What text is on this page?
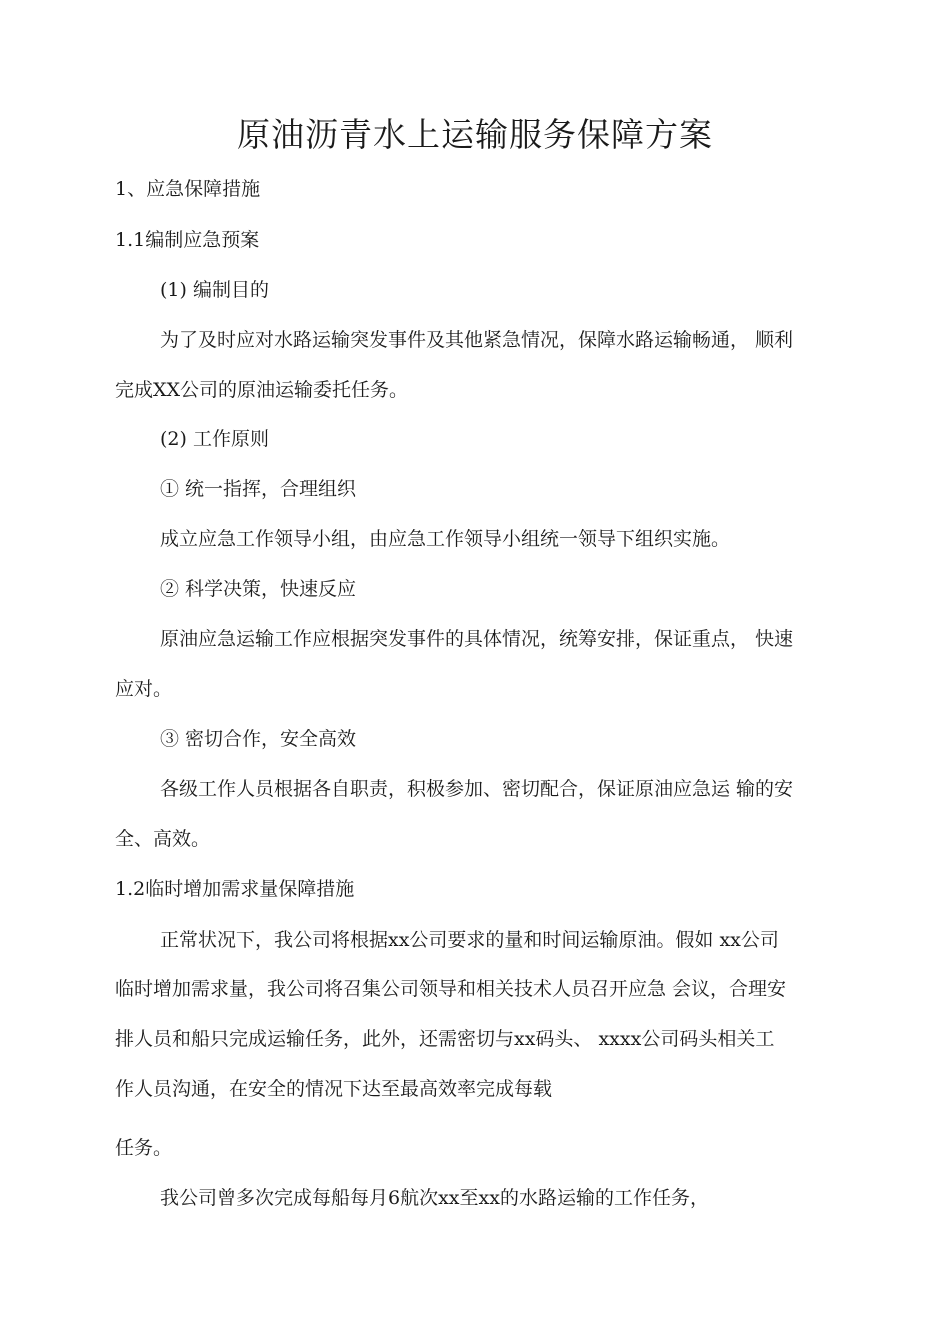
原油沥青水上运输服务保障方案
1、应急保障措施
1.1编制应急预案
(1) 编制目的
为了及时应对水路运输突发事件及其他紧急情况，保障水路运输畅通， 顺利
完成XX公司的原油运输委托任务。
(2) 工作原则
① 统一指挥，合理组织
成立应急工作领导小组，由应急工作领导小组统一领导下组织实施。
② 科学决策，快速反应
原油应急运输工作应根据突发事件的具体情况，统筹安排，保证重点， 快速
应对。
③ 密切合作，安全高效
各级工作人员根据各自职责，积极参加、密切配合，保证原油应急运 输的安
全、高效。
1.2临时增加需求量保障措施
正常状况下，我公司将根据xx公司要求的量和时间运输原油。假如 xx公司
临时增加需求量，我公司将召集公司领导和相关技术人员召开应急 会议，合理安
排人员和船只完成运输任务，此外，还需密切与xx码头、 xxxx公司码头相关工
作人员沟通，在安全的情况下达至最高效率完成每载
任务。
我公司曾多次完成每船每月6航次xx至xx的水路运输的工作任务，
